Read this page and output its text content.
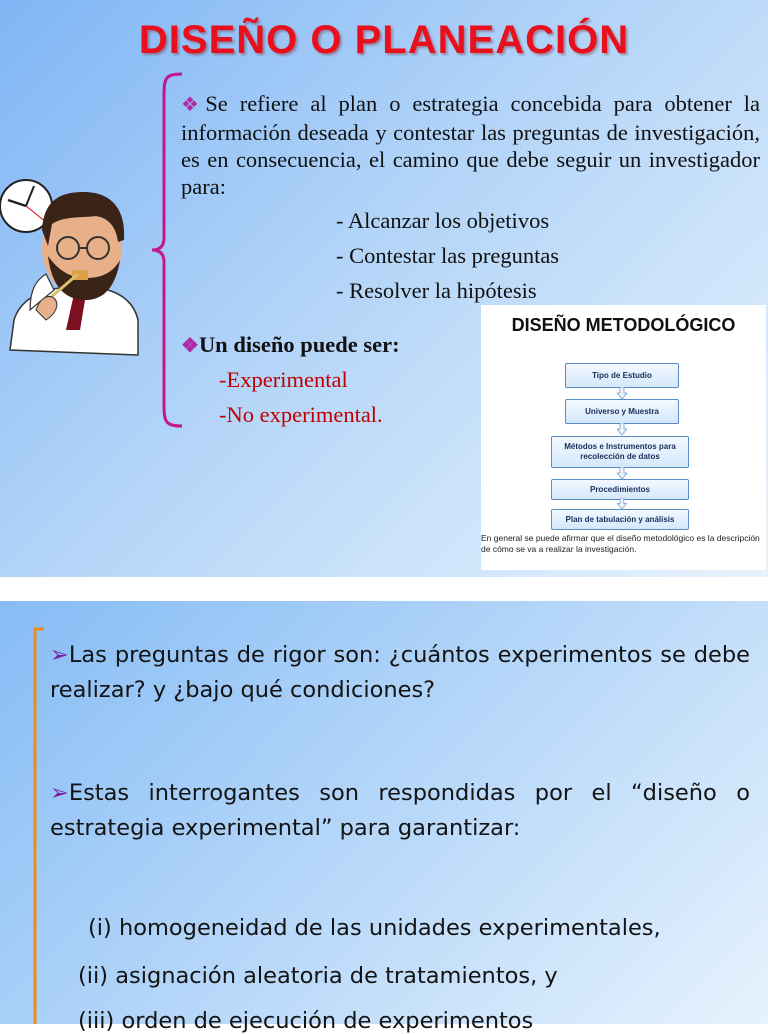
DISEÑO O PLANEACIÓN
❖Se refiere al plan o estrategia concebida para obtener la información deseada y contestar las preguntas de investigación, es en consecuencia, el camino que debe seguir un investigador para:
- Alcanzar los objetivos
- Contestar las preguntas
- Resolver la hipótesis
❖Un diseño puede ser:
-Experimental
-No experimental.
DISEÑO METODOLÓGICO
Tipo de Estudio
Universo y Muestra
Métodos e Instrumentos para recolección de datos
Procedimientos
Plan de tabulación y análisis
En general se puede afirmar que el diseño metodológico es la descripción de cómo se va a realizar la investigación.
➢Las preguntas de rigor son: ¿cuántos experimentos se debe realizar? y ¿bajo qué condiciones?
➢Estas interrogantes son respondidas por el “diseño o estrategia experimental” para garantizar:
(i) homogeneidad de las unidades experimentales,
(ii) asignación aleatoria de tratamientos, y
(iii) orden de ejecución de experimentos
